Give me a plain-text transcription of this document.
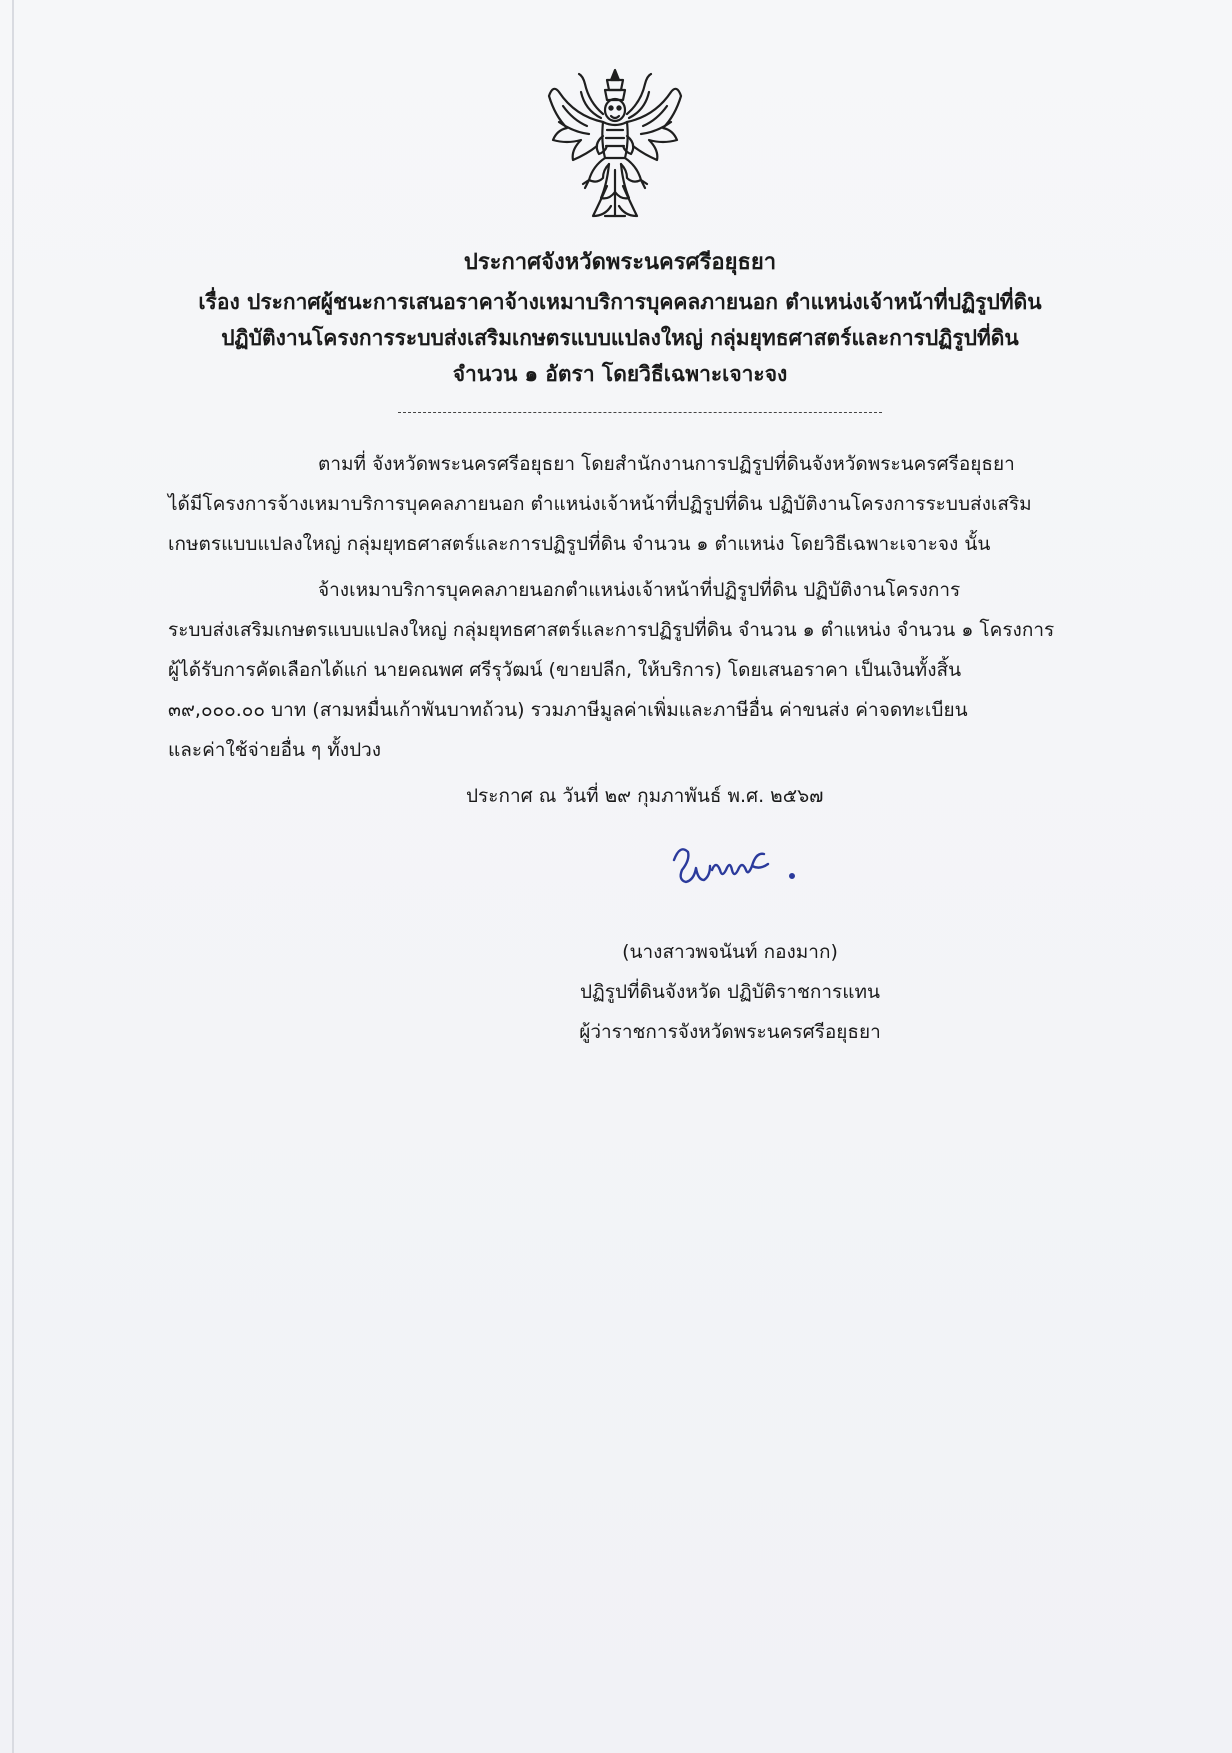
ประกาศจังหวัดพระนครศรีอยุธยา
เรื่อง ประกาศผู้ชนะการเสนอราคาจ้างเหมาบริการบุคคลภายนอก ตำแหน่งเจ้าหน้าที่ปฏิรูปที่ดิน
ปฏิบัติงานโครงการระบบส่งเสริมเกษตรแบบแปลงใหญ่ กลุ่มยุทธศาสตร์และการปฏิรูปที่ดิน
จำนวน ๑ อัตรา โดยวิธีเฉพาะเจาะจง
ตามที่ จังหวัดพระนครศรีอยุธยา โดยสำนักงานการปฏิรูปที่ดินจังหวัดพระนครศรีอยุธยา
ได้มีโครงการจ้างเหมาบริการบุคคลภายนอก ตำแหน่งเจ้าหน้าที่ปฏิรูปที่ดิน ปฏิบัติงานโครงการระบบส่งเสริม
เกษตรแบบแปลงใหญ่ กลุ่มยุทธศาสตร์และการปฏิรูปที่ดิน จำนวน ๑ ตำแหน่ง โดยวิธีเฉพาะเจาะจง นั้น
จ้างเหมาบริการบุคคลภายนอกตำแหน่งเจ้าหน้าที่ปฏิรูปที่ดิน ปฏิบัติงานโครงการ
ระบบส่งเสริมเกษตรแบบแปลงใหญ่ กลุ่มยุทธศาสตร์และการปฏิรูปที่ดิน จำนวน ๑ ตำแหน่ง จำนวน ๑ โครงการ
ผู้ได้รับการคัดเลือกได้แก่ นายคณพศ ศรีรุวัฒน์ (ขายปลีก, ให้บริการ) โดยเสนอราคา เป็นเงินทั้งสิ้น
๓๙,๐๐๐.๐๐ บาท (สามหมื่นเก้าพันบาทถ้วน) รวมภาษีมูลค่าเพิ่มและภาษีอื่น ค่าขนส่ง ค่าจดทะเบียน
และค่าใช้จ่ายอื่น ๆ ทั้งปวง
ประกาศ ณ วันที่ ๒๙ กุมภาพันธ์ พ.ศ. ๒๕๖๗
(นางสาวพจนันท์ กองมาก)
ปฏิรูปที่ดินจังหวัด ปฏิบัติราชการแทน
ผู้ว่าราชการจังหวัดพระนครศรีอยุธยา
